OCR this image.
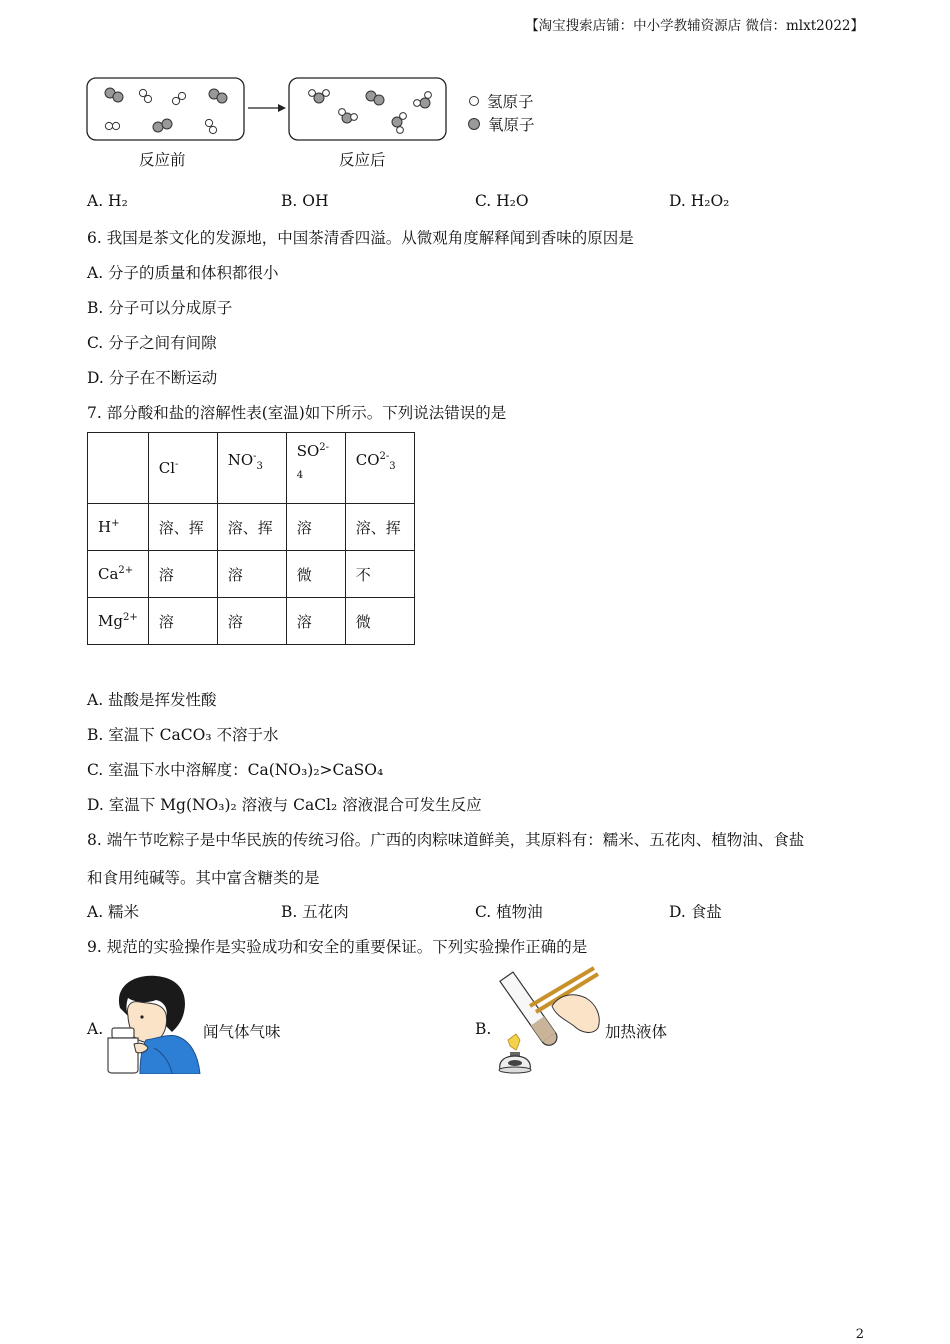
【淘宝搜索店铺：中小学教辅资源店 微信：mlxt2022】
反应前	反应后
氢原子
氧原子
A. H₂	B. OH	C. H₂O	D. H₂O₂
6. 我国是茶文化的发源地，中国茶清香四溢。从微观角度解释闻到香味的原因是
A. 分子的质量和体积都很小
B. 分子可以分成原子
C. 分子之间有间隙
D. 分子在不断运动
7. 部分酸和盐的溶解性表(室温)如下所示。下列说法错误的是
	Cl-	$NO^-_3$	$SO^{2-}_4$	$CO^{2-}_3$
H+	溶、挥	溶、挥	溶	溶、挥
$Ca^{2+}$	溶	溶	微	不
$Mg^{2+}$	溶	溶	溶	微
A. 盐酸是挥发性酸
B. 室温下 CaCO₃ 不溶于水
C. 室温下水中溶解度：Ca(NO₃)₂>CaSO₄
D. 室温下 Mg(NO₃)₂ 溶液与 CaCl₂ 溶液混合可发生反应
8. 端午节吃粽子是中华民族的传统习俗。广西的肉粽味道鲜美，其原料有：糯米、五花肉、植物油、食盐
和食用纯碱等。其中富含糖类的是
A. 糯米	B. 五花肉	C. 植物油	D. 食盐
9. 规范的实验操作是实验成功和安全的重要保证。下列实验操作正确的是
A.	闻气体气味	B.	加热液体
2
